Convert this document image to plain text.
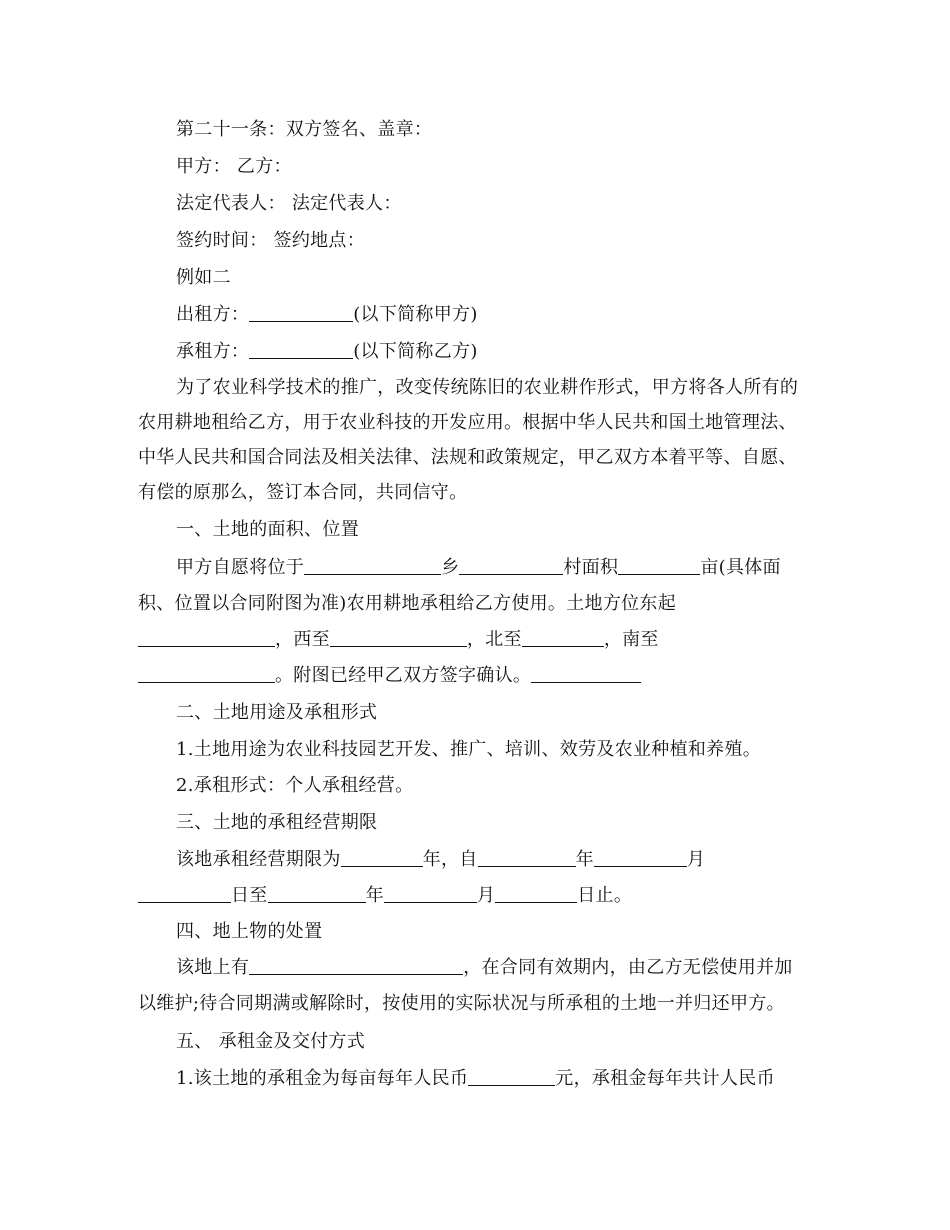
第二十一条：双方签名、盖章：
甲方： 乙方：
法定代表人： 法定代表人：
签约时间： 签约地点：
例如二
出租方：	(以下简称甲方)
承租方：	(以下简称乙方)
为了农业科学技术的推广，改变传统陈旧的农业耕作形式，甲方将各人所有的
农用耕地租给乙方，用于农业科技的开发应用。根据中华人民共和国土地管理法、
中华人民共和国合同法及相关法律、法规和政策规定，甲乙双方本着平等、自愿、
有偿的原那么，签订本合同，共同信守。
一、土地的面积、位置
甲方自愿将位于	乡	村面积	亩(具体面
积、位置以合同附图为准)农用耕地承租给乙方使用。土地方位东起
，西至	，北至	，南至
。附图已经甲乙双方签字确认。
二、土地用途及承租形式
1.土地用途为农业科技园艺开发、推广、培训、效劳及农业种植和养殖。
2.承租形式：个人承租经营。
三、土地的承租经营期限
该地承租经营期限为	年，自	年	月
日至	年	月	日止。
四、地上物的处置
该地上有	，在合同有效期内，由乙方无偿使用并加
以维护;待合同期满或解除时，按使用的实际状况与所承租的土地一并归还甲方。
五、 承租金及交付方式
1.该土地的承租金为每亩每年人民币	元，承租金每年共计人民币
